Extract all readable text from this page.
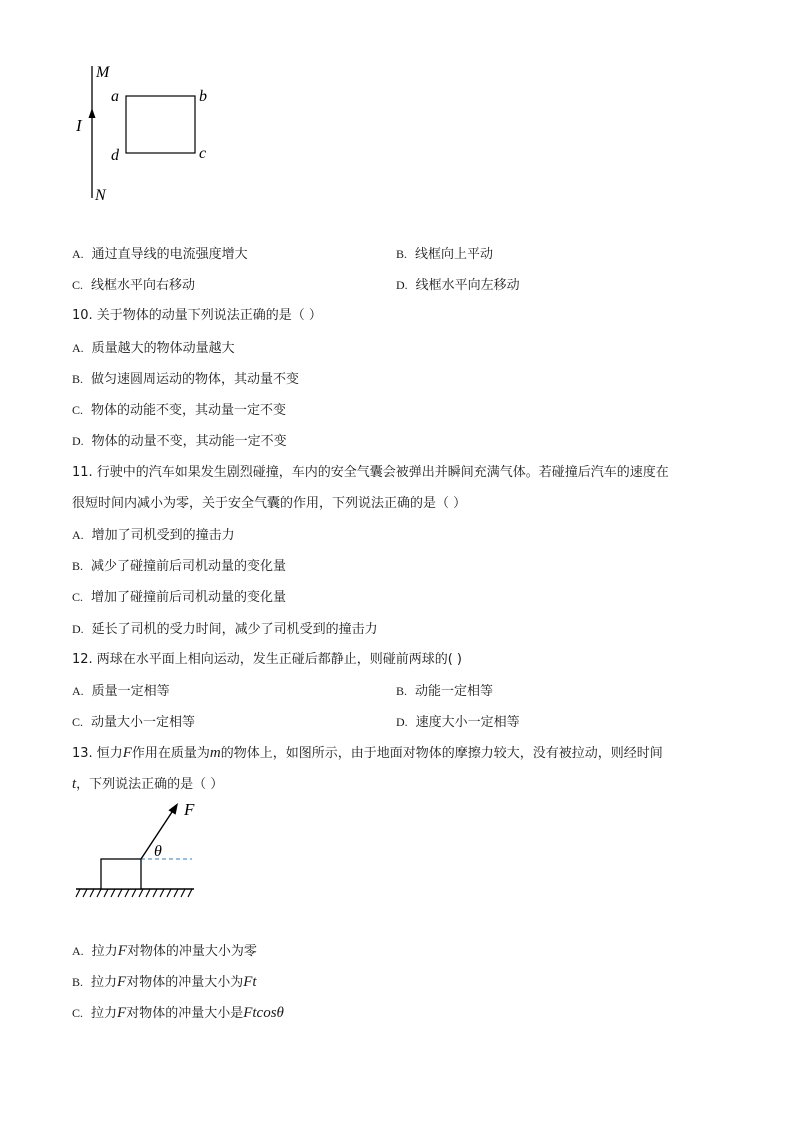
M
N
I
a	b
c
d
A. 通过直导线的电流强度增大	B. 线框向上平动
C. 线框水平向右移动	D. 线框水平向左移动
10. 关于物体的动量下列说法正确的是（ ）
A. 质量越大的物体动量越大
B. 做匀速圆周运动的物体，其动量不变
C. 物体的动能不变，其动量一定不变
D. 物体的动量不变，其动能一定不变
11. 行驶中的汽车如果发生剧烈碰撞，车内的安全气囊会被弹出并瞬间充满气体。若碰撞后汽车的速度在
很短时间内减小为零，关于安全气囊的作用，下列说法正确的是（ ）
A. 增加了司机受到的撞击力
B. 减少了碰撞前后司机动量的变化量
C. 增加了碰撞前后司机动量的变化量
D. 延长了司机的受力时间，减少了司机受到的撞击力
12. 两球在水平面上相向运动，发生正碰后都静止，则碰前两球的( )
A. 质量一定相等	B. 动能一定相等
C. 动量大小一定相等	D. 速度大小一定相等
13. 恒力F作用在质量为m的物体上，如图所示，由于地面对物体的摩擦力较大，没有被拉动，则经时间
t，下列说法正确的是（ ）
F
θ
A. 拉力F对物体的冲量大小为零
B. 拉力F对物体的冲量大小为Ft
C. 拉力F对物体的冲量大小是Ftcosθ
